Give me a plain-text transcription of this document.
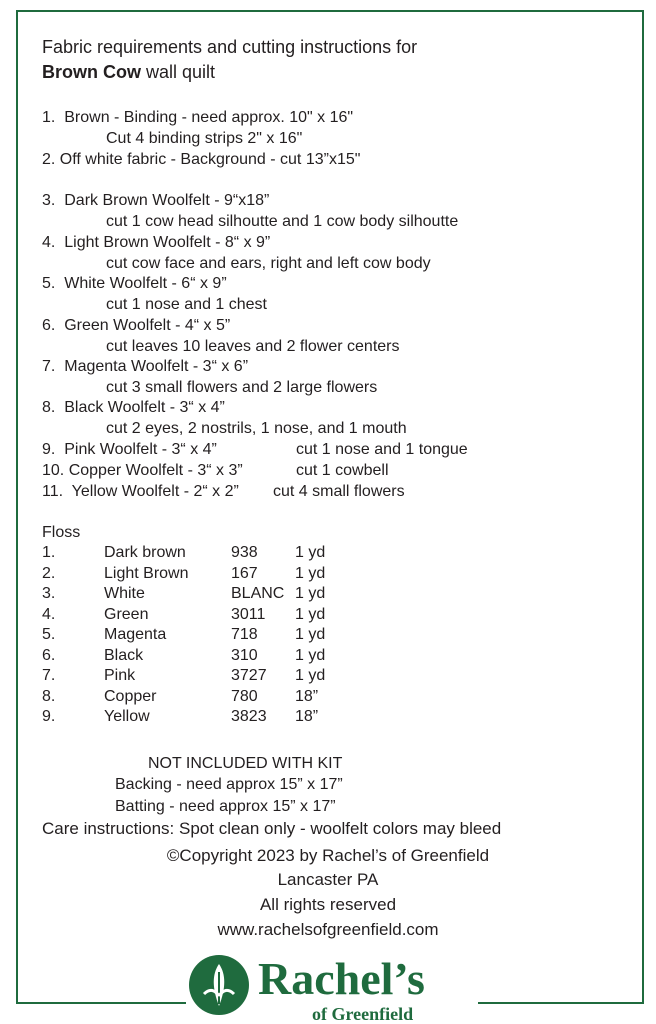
Fabric requirements and cutting instructions for
Brown Cow wall quilt
1.  Brown - Binding - need approx. 10" x 16"
Cut 4 binding strips 2" x 16"
2. Off white fabric - Background - cut 13”x15"
3.  Dark Brown Woolfelt - 9“x18”
cut 1 cow head silhoutte and 1 cow body silhoutte
4.  Light Brown Woolfelt - 8“ x 9”
cut cow face and ears, right and left cow body
5.  White Woolfelt - 6“ x 9”
cut 1 nose and 1 chest
6.  Green Woolfelt - 4“ x 5”
cut leaves 10 leaves and 2 flower centers
7.  Magenta Woolfelt - 3“ x 6”
cut 3 small flowers and 2 large flowers
8.  Black Woolfelt - 3“ x 4”
cut 2 eyes, 2 nostrils, 1 nose, and 1 mouth
9.  Pink Woolfelt - 3“ x 4”	cut 1 nose and 1 tongue
10. Copper Woolfelt - 3“ x 3”	cut 1 cowbell
11.  Yellow Woolfelt - 2“ x 2” cut 4 small flowers
Floss
1.	Dark brown	938 1 yd
2.	Light Brown	167 1 yd
3.	White	BLANC 1 yd
4.	Green	3011 1 yd
5.	Magenta	718 1 yd
6.	Black	310 1 yd
7.	Pink	3727 1 yd
8.	Copper	780 18”
9.	Yellow	3823 18”
NOT INCLUDED WITH KIT
Backing - need approx 15” x 17”
Batting - need approx 15” x 17”
Care instructions: Spot clean only - woolfelt colors may bleed
©Copyright 2023 by Rachel’s of Greenfield
Lancaster PA
All rights reserved
www.rachelsofgreenfield.com
Rachel’s
of Greenfield
